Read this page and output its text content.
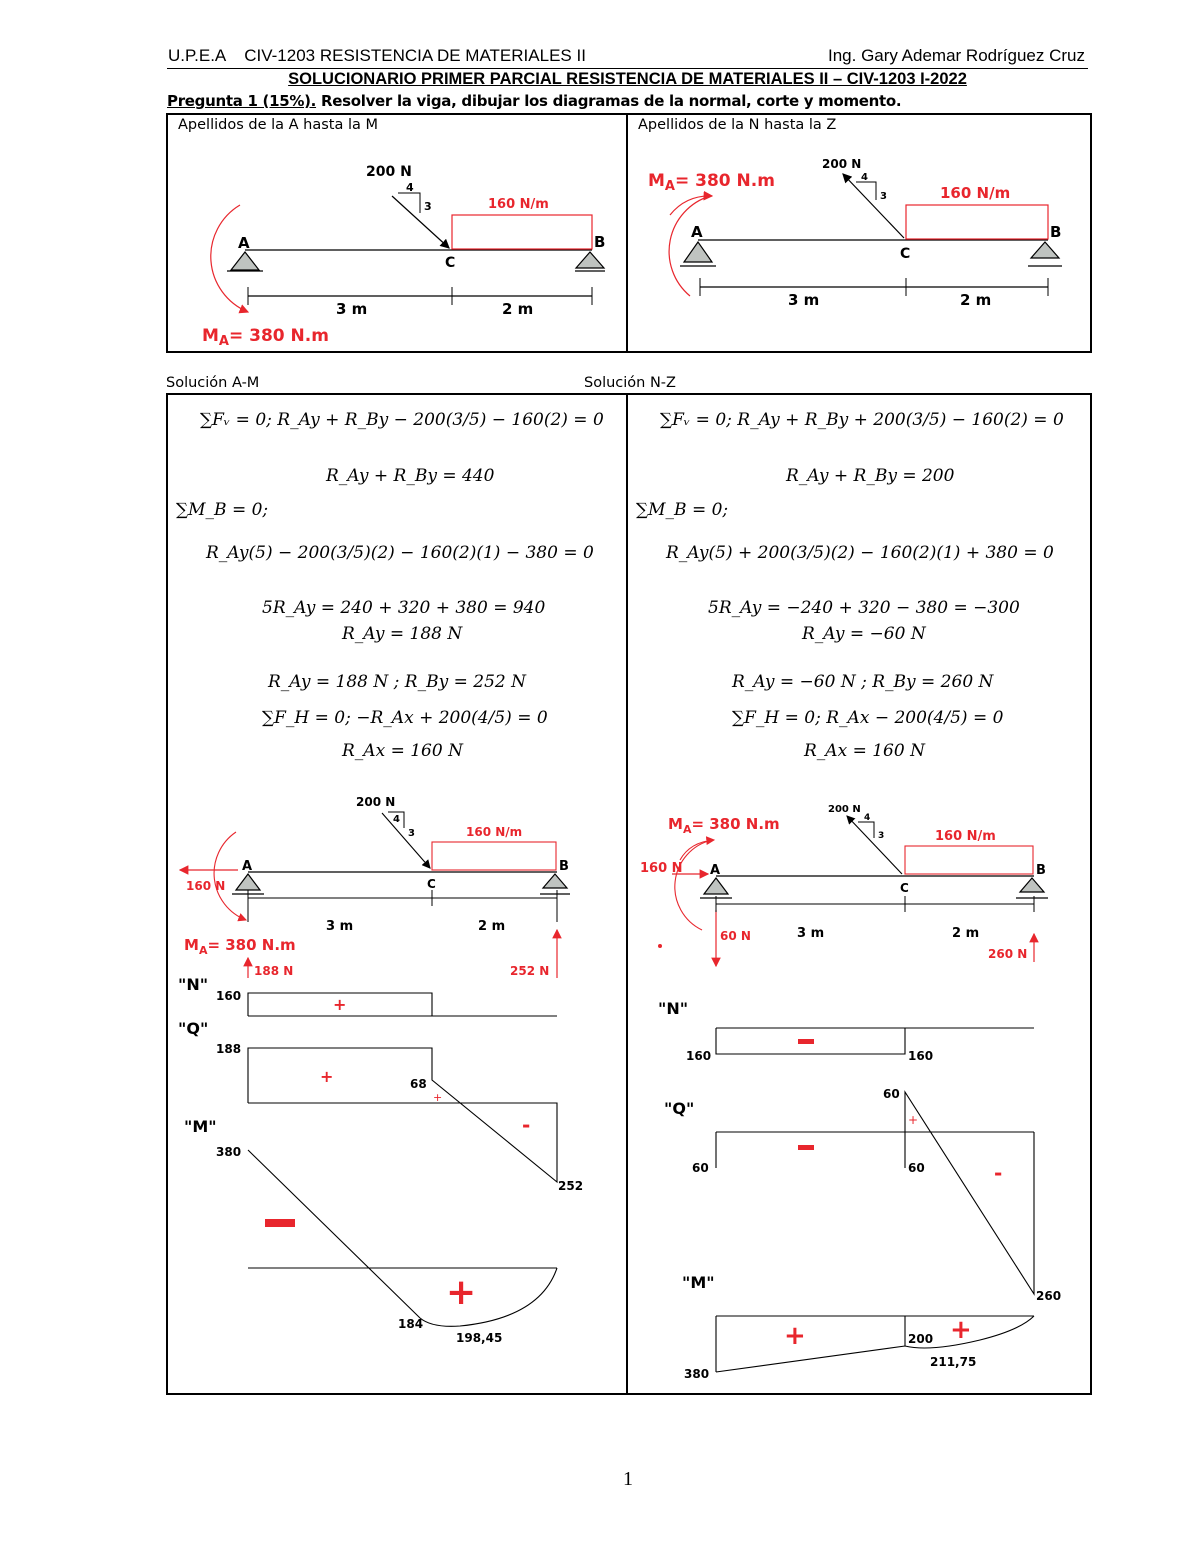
U.P.E.A    CIV-1203 RESISTENCIA DE MATERIALES II	Ing. Gary Ademar Rodríguez Cruz
SOLUCIONARIO PRIMER PARCIAL RESISTENCIA DE MATERIALES II – CIV-1203 I-2022
Pregunta 1 (15%). Resolver la viga, dibujar los diagramas de la normal, corte y momento.
Apellidos de la A hasta la M	Apellidos de la N hasta la Z
Solución A-M	Solución N-Z
∑Fᵥ = 0; R_Ay + R_By − 200(3/5) − 160(2) = 0
R_Ay + R_By = 440
∑M_B = 0;
R_Ay(5) − 200(3/5)(2) − 160(2)(1) − 380 = 0
5R_Ay = 240 + 320 + 380 = 940
R_Ay = 188 N
R_Ay = 188 N ; R_By = 252 N
∑F_H = 0; −R_Ax + 200(4/5) = 0
R_Ax = 160 N
∑Fᵥ = 0; R_Ay + R_By + 200(3/5) − 160(2) = 0
R_Ay + R_By = 200
∑M_B = 0;
R_Ay(5) + 200(3/5)(2) − 160(2)(1) + 380 = 0
5R_Ay = −240 + 320 − 380 = −300
R_Ay = −60 N
R_Ay = −60 N ; R_By = 260 N
∑F_H = 0; R_Ax − 200(4/5) = 0
R_Ax = 160 N
A	B
C
200 N
4
3	160 N/m
$M_A= 380$ N.m
3 m	2 m
A	B
C
200 N
4
3	160 N/m
$M_A= 380$ N.m
3 m	2 m
A	B
C
200 N
4
3	160 N/m
160 N
3 m	2 m
$M_A= 380$ N.m
188 N	252 N
"N"
160	+
"Q"
188
68
252
+
+
-
"M"
380
184
198,45
+
A	B
C
200 N
4
3	160 N/m
$M_A= 380$ N.m
160 N
60 N	3 m	2 m
260 N
"N"
160	160
"Q"
60
60	60
260
+
-
"M"
380
200
211,75
+	+
1
